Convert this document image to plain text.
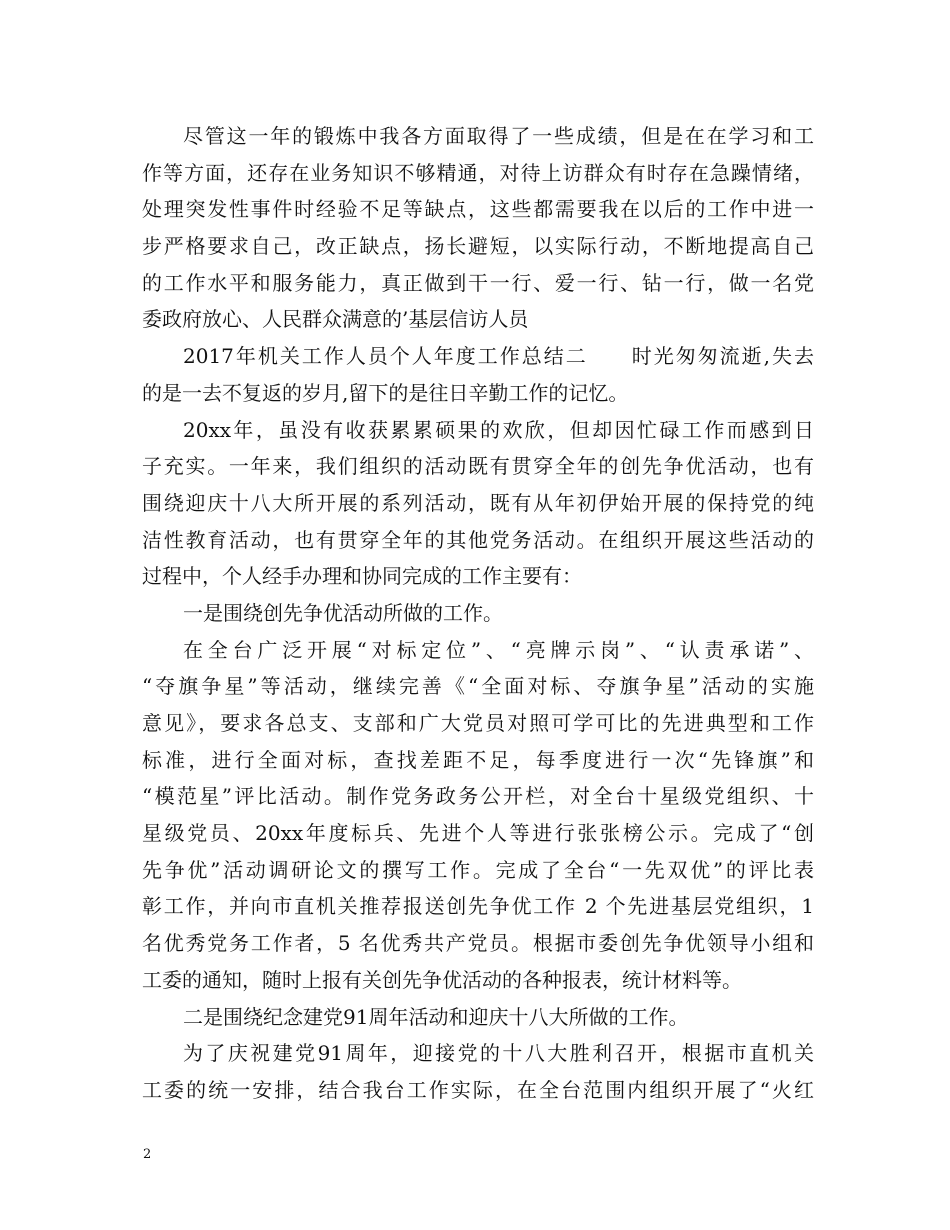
尽管这一年的锻炼中我各方面取得了一些成绩，但是在在学习和工
作等方面，还存在业务知识不够精通，对待上访群众有时存在急躁情绪，
处理突发性事件时经验不足等缺点，这些都需要我在以后的工作中进一
步严格要求自己，改正缺点，扬长避短，以实际行动，不断地提高自己
的工作水平和服务能力，真正做到干一行、爱一行、钻一行，做一名党
委政府放心、人民群众满意的’基层信访人员
2017年机关工作人员个人年度工作总结二　　时光匆匆流逝,失去
的是一去不复返的岁月,留下的是往日辛勤工作的记忆。
20xx年，虽没有收获累累硕果的欢欣，但却因忙碌工作而感到日
子充实。一年来，我们组织的活动既有贯穿全年的创先争优活动，也有
围绕迎庆十八大所开展的系列活动，既有从年初伊始开展的保持党的纯
洁性教育活动，也有贯穿全年的其他党务活动。在组织开展这些活动的
过程中，个人经手办理和协同完成的工作主要有：
一是围绕创先争优活动所做的工作。
在全台广泛开展“对标定位”、“亮牌示岗”、“认责承诺”、
“夺旗争星”等活动，继续完善《“全面对标、夺旗争星”活动的实施
意见》，要求各总支、支部和广大党员对照可学可比的先进典型和工作
标准，进行全面对标，查找差距不足，每季度进行一次“先锋旗”和
“模范星”评比活动。制作党务政务公开栏，对全台十星级党组织、十
星级党员、20xx年度标兵、先进个人等进行张张榜公示。完成了“创
先争优”活动调研论文的撰写工作。完成了全台“一先双优”的评比表
彰工作，并向市直机关推荐报送创先争优工作 2 个先进基层党组织，1
名优秀党务工作者，5 名优秀共产党员。根据市委创先争优领导小组和
工委的通知，随时上报有关创先争优活动的各种报表，统计材料等。
二是围绕纪念建党91周年活动和迎庆十八大所做的工作。
为了庆祝建党91周年，迎接党的十八大胜利召开，根据市直机关
工委的统一安排，结合我台工作实际，在全台范围内组织开展了“火红
2
